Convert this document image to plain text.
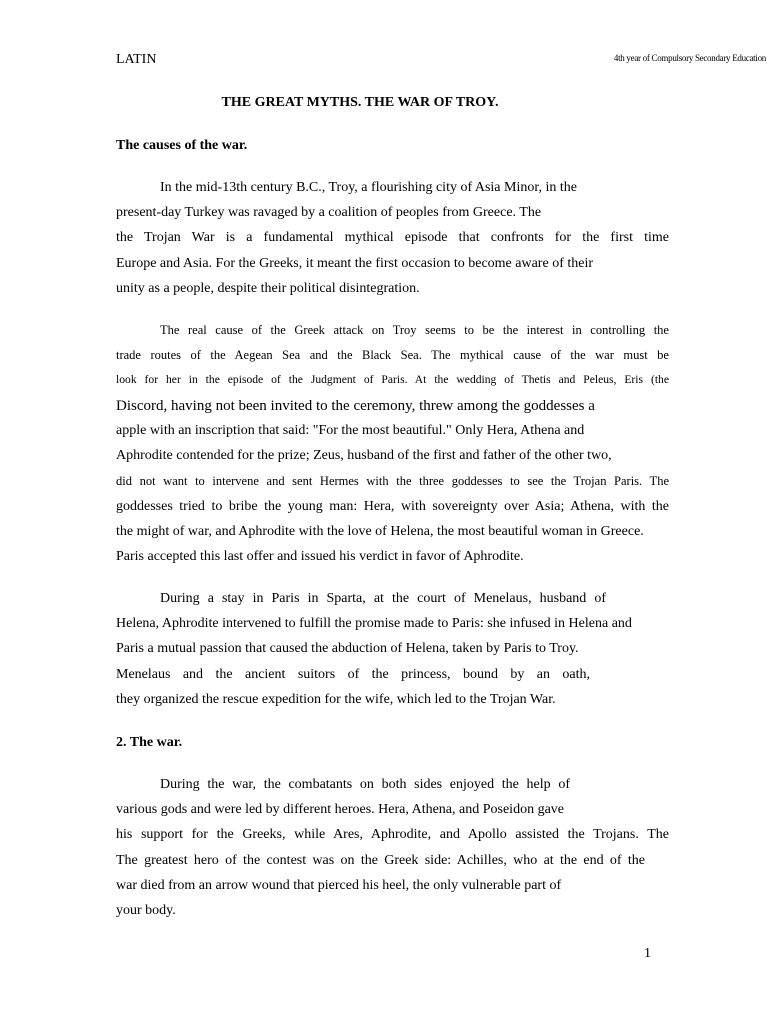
LATIN	4th year of Compulsory Secondary Education
THE GREAT MYTHS. THE WAR OF TROY.
The causes of the war.
In the mid-13th century B.C., Troy, a flourishing city of Asia Minor, in the
present-day Turkey was ravaged by a coalition of peoples from Greece. The
the Trojan War is a fundamental mythical episode that confronts for the first time
Europe and Asia. For the Greeks, it meant the first occasion to become aware of their
unity as a people, despite their political disintegration.
The real cause of the Greek attack on Troy seems to be the interest in controlling the
trade routes of the Aegean Sea and the Black Sea. The mythical cause of the war must be
look for her in the episode of the Judgment of Paris. At the wedding of Thetis and Peleus, Eris (the
Discord, having not been invited to the ceremony, threw among the goddesses a
apple with an inscription that said: "For the most beautiful." Only Hera, Athena and
Aphrodite contended for the prize; Zeus, husband of the first and father of the other two,
did not want to intervene and sent Hermes with the three goddesses to see the Trojan Paris. The
goddesses tried to bribe the young man: Hera, with sovereignty over Asia; Athena, with the
the might of war, and Aphrodite with the love of Helena, the most beautiful woman in Greece.
Paris accepted this last offer and issued his verdict in favor of Aphrodite.
During a stay in Paris in Sparta, at the court of Menelaus, husband of
Helena, Aphrodite intervened to fulfill the promise made to Paris: she infused in Helena and
Paris a mutual passion that caused the abduction of Helena, taken by Paris to Troy.
Menelaus and the ancient suitors of the princess, bound by an oath,
they organized the rescue expedition for the wife, which led to the Trojan War.
2. The war.
During the war, the combatants on both sides enjoyed the help of
various gods and were led by different heroes. Hera, Athena, and Poseidon gave
his support for the Greeks, while Ares, Aphrodite, and Apollo assisted the Trojans. The
The greatest hero of the contest was on the Greek side: Achilles, who at the end of the
war died from an arrow wound that pierced his heel, the only vulnerable part of
your body.
1
